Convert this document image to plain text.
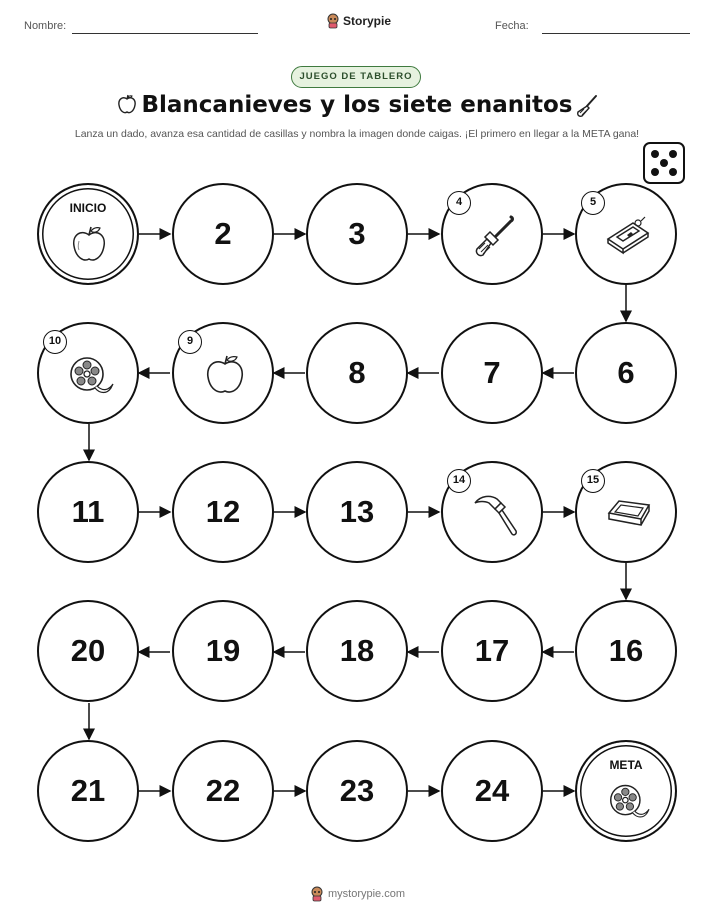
Nombre:	Storypie	Fecha:
JUEGO DE TABLERO
Blancanieves y los siete enanitos
Lanza un dado, avanza esa cantidad de casillas y nombra la imagen donde caigas. ¡El primero en llegar a la META gana!
INICIO
2	3
4	5
10	9
8	7	6
11	12	13
14	15
20	19	18	17	16
21	22	23	24
META
mystorypie.com
